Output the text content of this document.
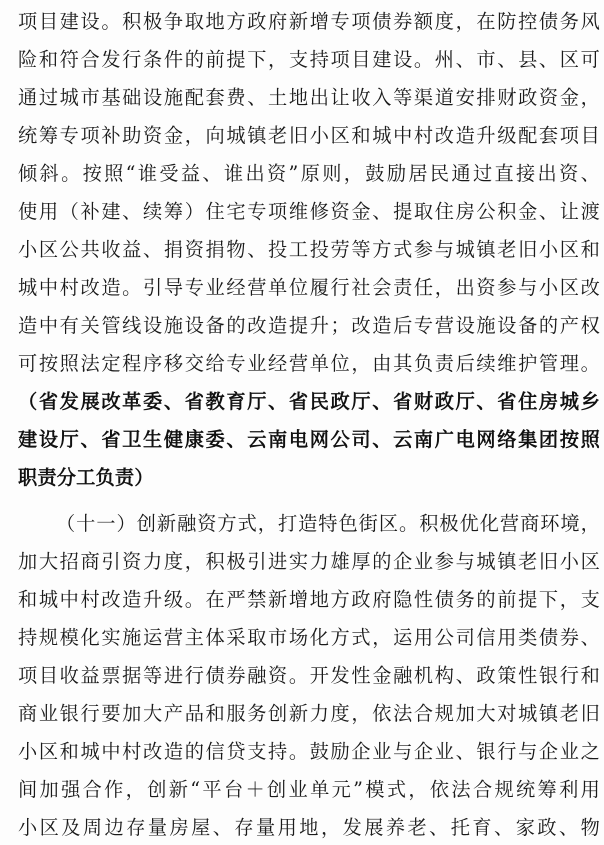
项目建设。积极争取地方政府新增专项债券额度，在防控债务风
险和符合发行条件的前提下，支持项目建设。州、市、县、区可
通过城市基础设施配套费、土地出让收入等渠道安排财政资金，
统筹专项补助资金，向城镇老旧小区和城中村改造升级配套项目
倾斜。按照“谁受益、谁出资”原则，鼓励居民通过直接出资、
使用（补建、续筹）住宅专项维修资金、提取住房公积金、让渡
小区公共收益、捐资捐物、投工投劳等方式参与城镇老旧小区和
城中村改造。引导专业经营单位履行社会责任，出资参与小区改
造中有关管线设施设备的改造提升；改造后专营设施设备的产权
可按照法定程序移交给专业经营单位，由其负责后续维护管理。
（省发展改革委、省教育厅、省民政厅、省财政厅、省住房城乡
建设厅、省卫生健康委、云南电网公司、云南广电网络集团按照
职责分工负责）
（十一）创新融资方式，打造特色街区。积极优化营商环境，
加大招商引资力度，积极引进实力雄厚的企业参与城镇老旧小区
和城中村改造升级。在严禁新增地方政府隐性债务的前提下，支
持规模化实施运营主体采取市场化方式，运用公司信用类债券、
项目收益票据等进行债券融资。开发性金融机构、政策性银行和
商业银行要加大产品和服务创新力度，依法合规加大对城镇老旧
小区和城中村改造的信贷支持。鼓励企业与企业、银行与企业之
间加强合作，创新“平台＋创业单元”模式，依法合规统筹利用
小区及周边存量房屋、存量用地，发展养老、托育、家政、物
